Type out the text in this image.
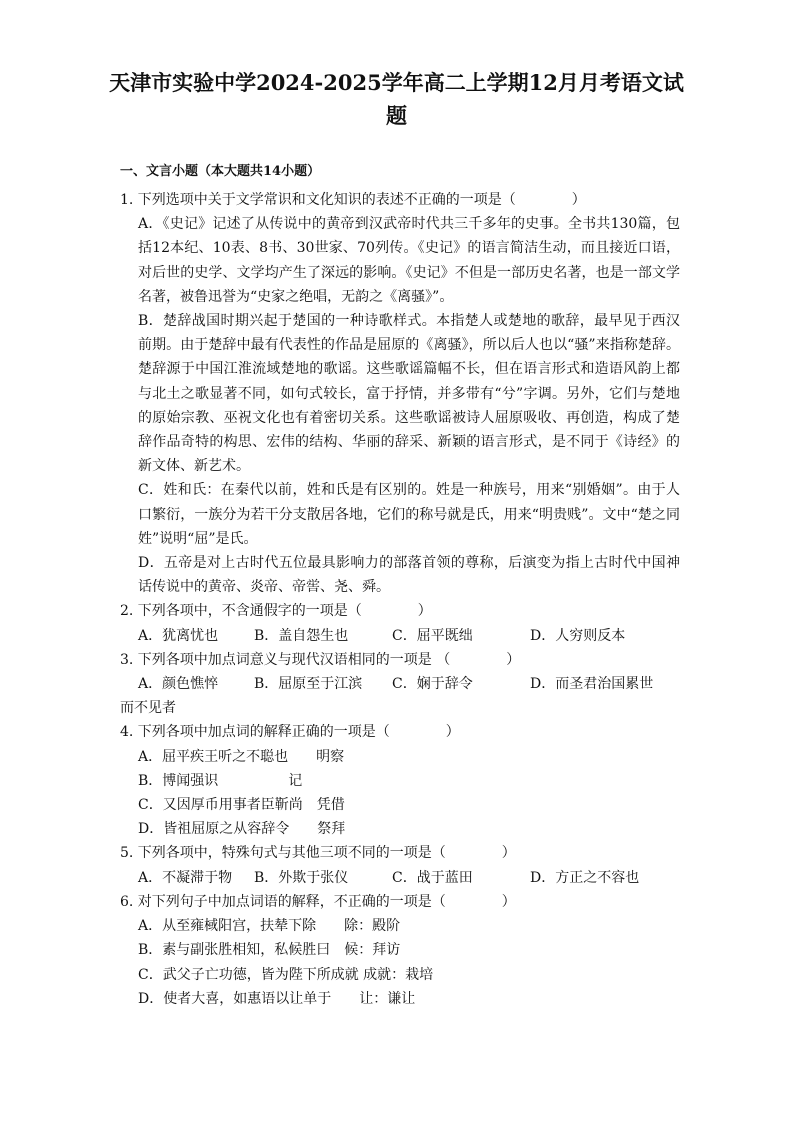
天津市实验中学2024-2025学年高二上学期12月月考语文试题
一、文言小题（本大题共14小题）
1. 下列选项中关于文学常识和文化知识的表述不正确的一项是（　　　　）
A．《史记》记述了从传说中的黄帝到汉武帝时代共三千多年的史事。全书共130篇，包括12本纪、10表、8书、30世家、70列传。《史记》的语言简洁生动，而且接近口语，对后世的史学、文学均产生了深远的影响。《史记》不但是一部历史名著，也是一部文学名著，被鲁迅誉为“史家之绝唱，无韵之《离骚》”。
B．楚辞战国时期兴起于楚国的一种诗歌样式。本指楚人或楚地的歌辞，最早见于西汉前期。由于楚辞中最有代表性的作品是屈原的《离骚》，所以后人也以“骚”来指称楚辞。楚辞源于中国江淮流域楚地的歌谣。这些歌谣篇幅不长，但在语言形式和造语风韵上都与北土之歌显著不同，如句式较长，富于抒情，并多带有“兮”字调。另外，它们与楚地的原始宗教、巫祝文化也有着密切关系。这些歌谣被诗人屈原吸收、再创造，构成了楚辞作品奇特的构思、宏伟的结构、华丽的辞采、新颖的语言形式，是不同于《诗经》的新文体、新艺术。
C．姓和氏：在秦代以前，姓和氏是有区别的。姓是一种族号，用来“别婚姻”。由于人口繁衍，一族分为若干分支散居各地，它们的称号就是氏，用来“明贵贱”。文中“楚之同姓”说明“屈”是氏。
D．五帝是对上古时代五位最具影响力的部落首领的尊称，后演变为指上古时代中国神话传说中的黄帝、炎帝、帝喾、尧、舜。
2. 下列各项中，不含通假字的一项是（　　　　）
A．犹离忧也	B．盖自怨生也	C．屈平既绌	D．人穷则反本
3. 下列各项中加点词意义与现代汉语相同的一项是 （　　　　）
A．颜色憔悴	B．屈原至于江滨 C．娴于辞令	D．而圣君治国累世
而不见者
4. 下列各项中加点词的解释正确的一项是（　　　　）
A．屈平疾王听之不聪也　　明察
B．博闻强识　　　　　记
C．又因厚币用事者臣靳尚　凭借
D．皆祖屈原之从容辞令　　祭拜
5. 下列各项中，特殊句式与其他三项不同的一项是（　　　　）
A．不凝滞于物 B．外欺于张仪	C．战于蓝田	D．方正之不容也
6. 对下列句子中加点词语的解释，不正确的一项是（　　　　）
A．从至雍棫阳宫，扶辇下除　　除：殿阶
B．素与副张胜相知，私候胜曰　候：拜访
C．武父子亡功德，皆为陛下所成就 成就：栽培
D．使者大喜，如惠语以让单于　　让：谦让
